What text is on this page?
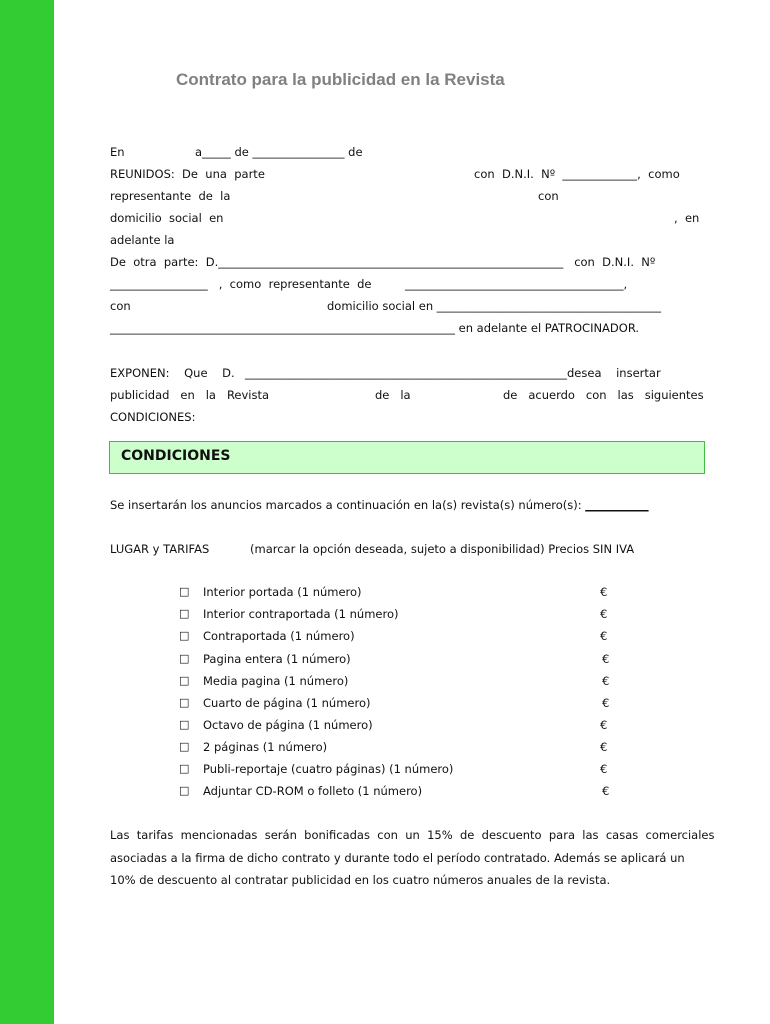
Contrato para la publicidad en la Revista
En	a_____ de ________________ de
REUNIDOS:  De  una  parte	con  D.N.I.  Nº  _____________,  como
representante  de  la	con
domicilio  social  en	,  en
adelante la
De  otra  parte:  D.____________________________________________________________   con  D.N.I.  Nº
_________________   ,  como  representante  de	______________________________________,
con	domicilio social en _______________________________________
____________________________________________________________ en adelante el PATROCINADOR.
EXPONEN:    Que    D. ________________________________________________________desea    insertar
publicidad   en   la   Revista	de   la	de   acuerdo   con   las   siguientes
CONDICIONES:
CONDICIONES
Se insertarán los anuncios marcados a continuación en la(s) revista(s) número(s): ___________
LUGAR y TARIFAS	(marcar la opción deseada, sujeto a disponibilidad) Precios SIN IVA
□ Interior portada (1 número)	€
□ Interior contraportada (1 número)	€
□ Contraportada (1 número)	€
□ Pagina entera (1 número)	€
□ Media pagina (1 número)	€
□ Cuarto de página (1 número)	€
□ Octavo de página (1 número)	€
□ 2 páginas (1 número)	€
□ Publi-reportaje (cuatro páginas) (1 número)	€
□ Adjuntar CD-ROM o folleto (1 número)	€
Las  tarifas  mencionadas  serán  bonificadas  con  un  15%  de  descuento  para  las  casas  comerciales
asociadas a la firma de dicho contrato y durante todo el período contratado. Además se aplicará un
10% de descuento al contratar publicidad en los cuatro números anuales de la revista.
